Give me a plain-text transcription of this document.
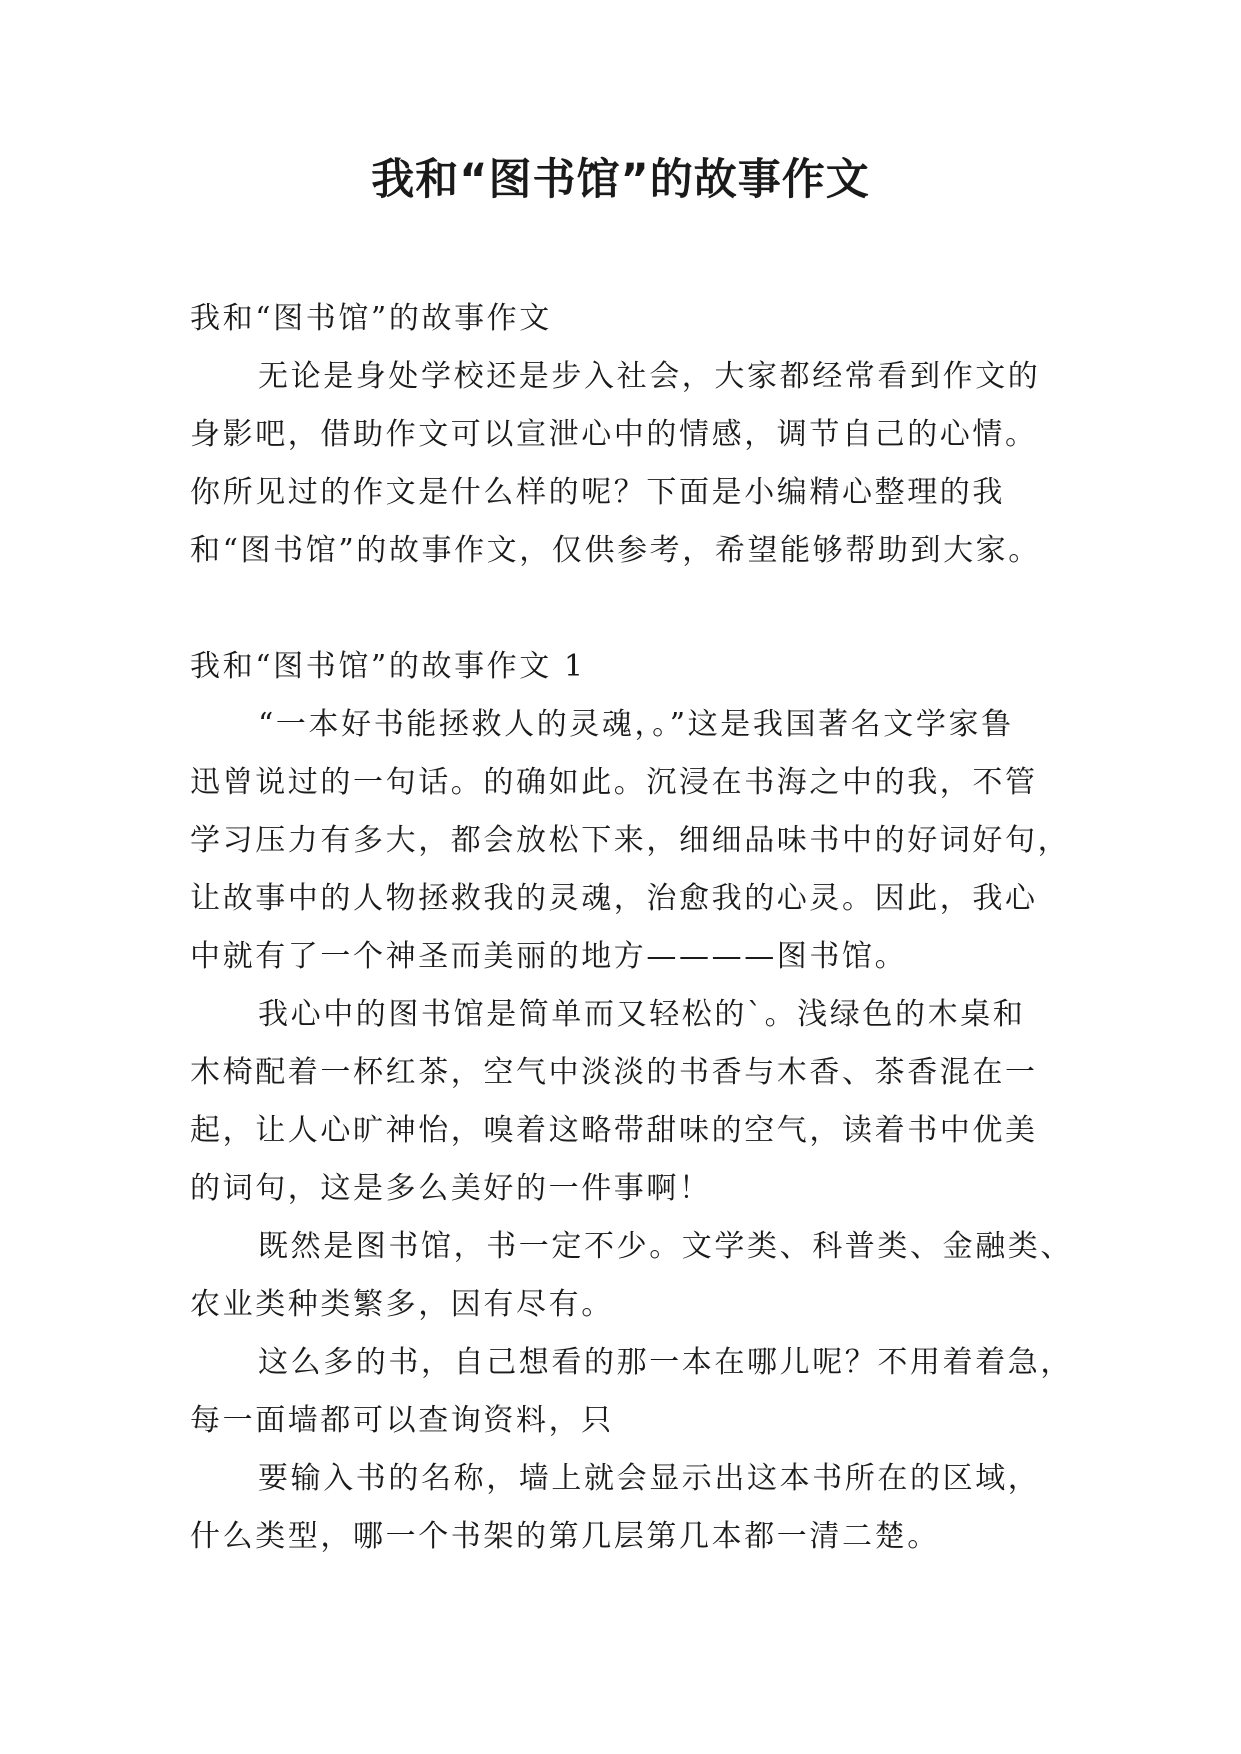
我和“图书馆”的故事作文

我和“图书馆”的故事作文

无论是身处学校还是步入社会，大家都经常看到作文的

身影吧，借助作文可以宣泄心中的情感，调节自己的心情。

你所见过的作文是什么样的呢？下面是小编精心整理的我

和“图书馆”的故事作文，仅供参考，希望能够帮助到大家。

我和“图书馆”的故事作文 1

“一本好书能拯救人的灵魂，。”这是我国著名文学家鲁

迅曾说过的一句话。的确如此。沉浸在书海之中的我，不管

学习压力有多大，都会放松下来，细细品味书中的好词好句，

让故事中的人物拯救我的灵魂，治愈我的心灵。因此，我心

中就有了一个神圣而美丽的地方————图书馆。

我心中的图书馆是简单而又轻松的`。浅绿色的木桌和

木椅配着一杯红茶，空气中淡淡的书香与木香、茶香混在一

起，让人心旷神怡，嗅着这略带甜味的空气，读着书中优美

的词句，这是多么美好的一件事啊！

既然是图书馆，书一定不少。文学类、科普类、金融类、

农业类种类繁多，因有尽有。

这么多的书，自己想看的那一本在哪儿呢？不用着着急，

每一面墙都可以查询资料，只

要输入书的名称，墙上就会显示出这本书所在的区域，

什么类型，哪一个书架的第几层第几本都一清二楚。
